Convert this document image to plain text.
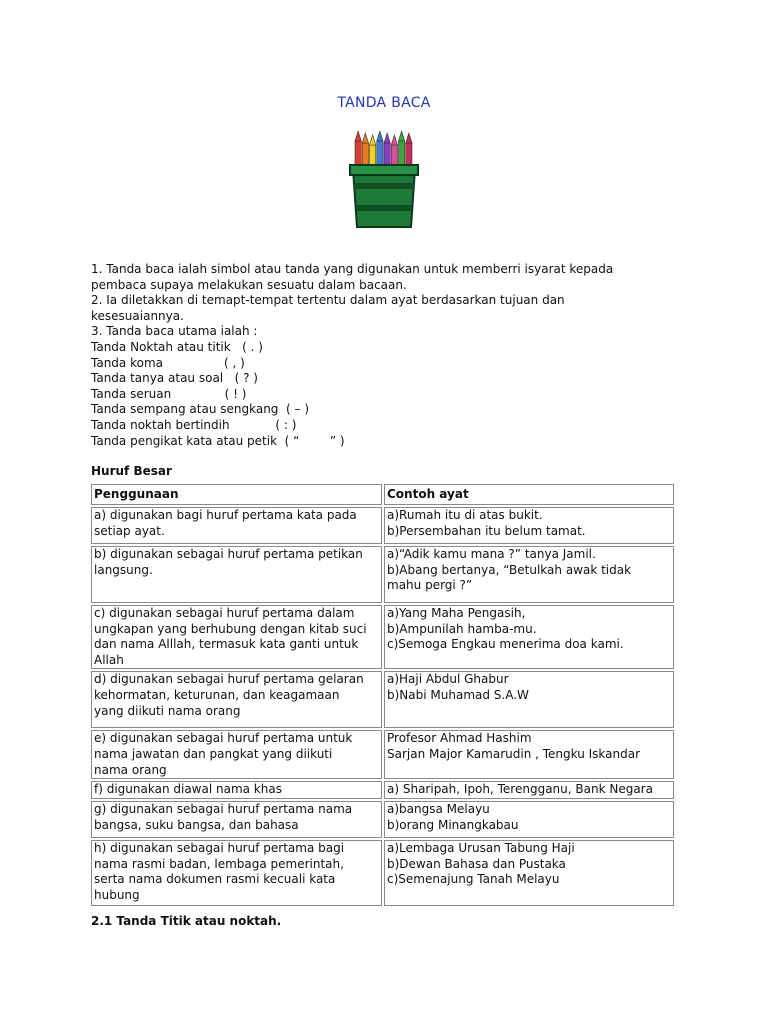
TANDA BACA

1. Tanda baca ialah simbol atau tanda yang digunakan untuk memberri isyarat kepada

pembaca supaya melakukan sesuatu dalam bacaan.

2. Ia diletakkan di temapt-tempat tertentu dalam ayat berdasarkan tujuan dan

kesesuaiannya.

3. Tanda baca utama ialah :

Tanda Noktah atau titik   ( . )

Tanda koma                ( , )

Tanda tanya atau soal   ( ? )

Tanda seruan              ( ! )

Tanda sempang atau sengkang  ( – )

Tanda noktah bertindih            ( : )

Tanda pengikat kata atau petik  ( “        ” )

Huruf Besar
Penggunaan	Contoh ayat

a) digunakan bagi huruf pertama kata pada
setiap ayat.	a)Rumah itu di atas bukit.
b)Persembahan itu belum tamat.

b) digunakan sebagai huruf pertama petikan
langsung.	a)“Adik kamu mana ?” tanya Jamil.
b)Abang bertanya, “Betulkah awak tidak
mahu pergi ?”

c) digunakan sebagai huruf pertama dalam
ungkapan yang berhubung dengan kitab suci
dan nama Alllah, termasuk kata ganti untuk
Allah	a)Yang Maha Pengasih,
b)Ampunilah hamba-mu.
c)Semoga Engkau menerima doa kami.

d) digunakan sebagai huruf pertama gelaran
kehormatan, keturunan, dan keagamaan
yang diikuti nama orang	a)Haji Abdul Ghabur
b)Nabi Muhamad S.A.W

e) digunakan sebagai huruf pertama untuk
nama jawatan dan pangkat yang diikuti
nama orang	Profesor Ahmad Hashim
Sarjan Major Kamarudin , Tengku Iskandar

f) digunakan diawal nama khas	a) Sharipah, Ipoh, Terengganu, Bank Negara

g) digunakan sebagai huruf pertama nama
bangsa, suku bangsa, dan bahasa	a)bangsa Melayu
b)orang Minangkabau

h) digunakan sebagai huruf pertama bagi
nama rasmi badan, lembaga pemerintah,
serta nama dokumen rasmi kecuali kata
hubung	a)Lembaga Urusan Tabung Haji
b)Dewan Bahasa dan Pustaka
c)Semenajung Tanah Melayu
2.1 Tanda Titik atau noktah.
